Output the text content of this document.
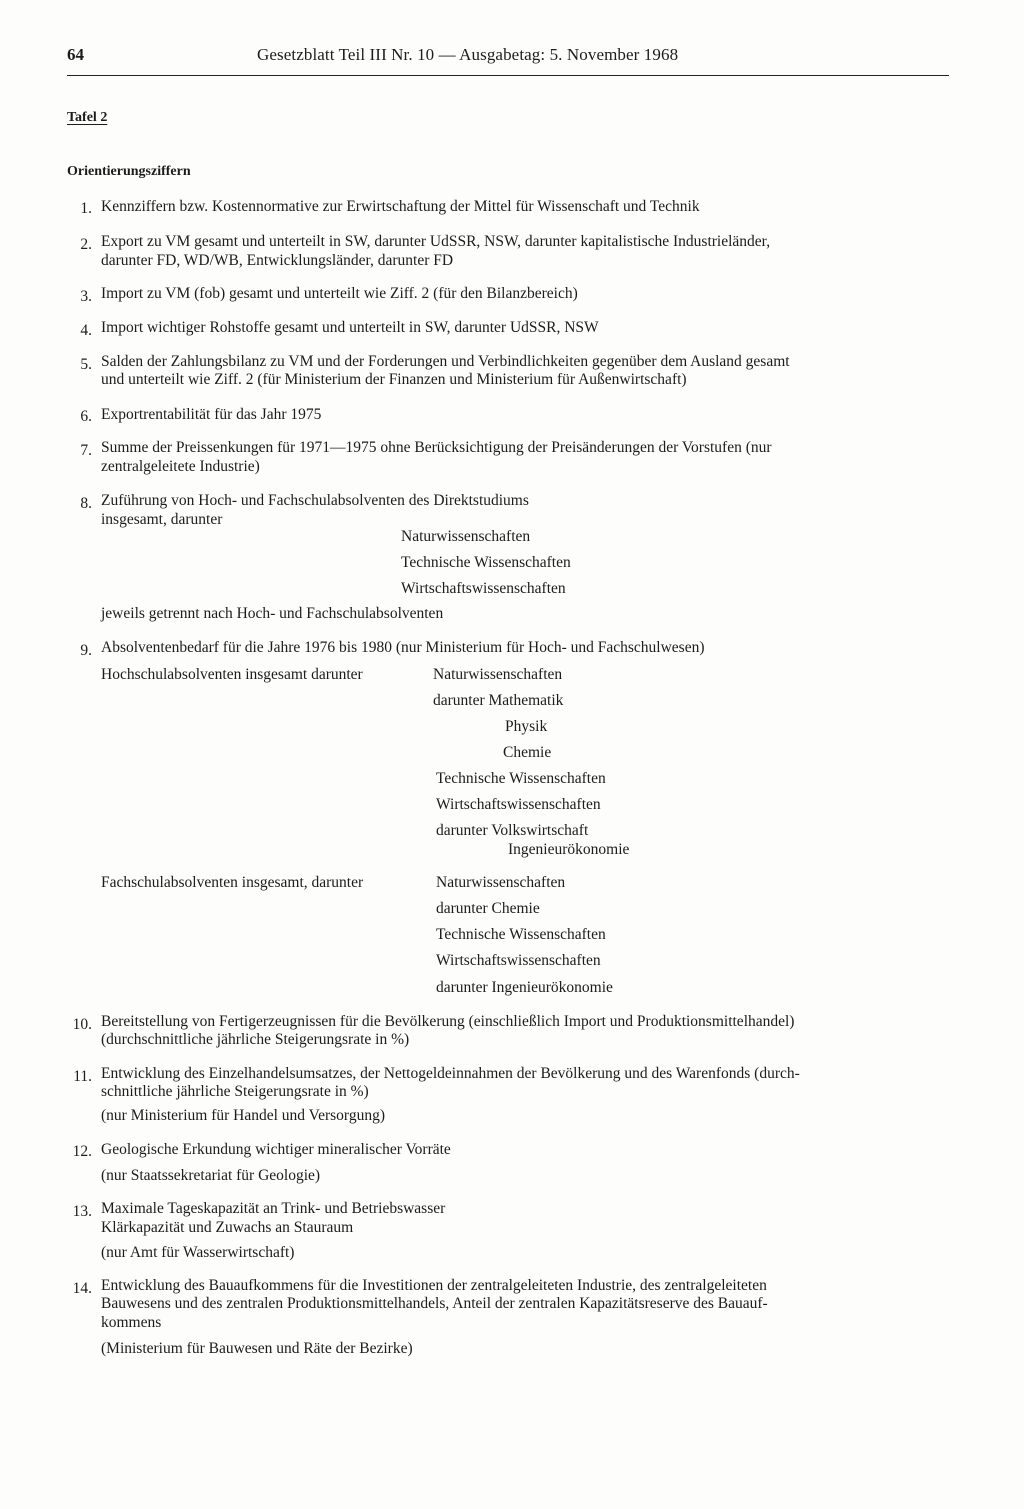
64	Gesetzblatt Teil III Nr. 10 — Ausgabetag: 5. November 1968
Tafel 2
Orientierungsziffern
1. Kennziffern bzw. Kostennormative zur Erwirtschaftung der Mittel für Wissenschaft und Technik
2. Export zu VM gesamt und unterteilt in SW, darunter UdSSR, NSW, darunter kapitalistische Industrieländer,
darunter FD, WD/WB, Entwicklungsländer, darunter FD
3. Import zu VM (fob) gesamt und unterteilt wie Ziff. 2 (für den Bilanzbereich)
4. Import wichtiger Rohstoffe gesamt und unterteilt in SW, darunter UdSSR, NSW
5. Salden der Zahlungsbilanz zu VM und der Forderungen und Verbindlichkeiten gegenüber dem Ausland gesamt
und unterteilt wie Ziff. 2 (für Ministerium der Finanzen und Ministerium für Außenwirtschaft)
6. Exportrentabilität für das Jahr 1975
7. Summe der Preissenkungen für 1971—1975 ohne Berücksichtigung der Preisänderungen der Vorstufen (nur
zentralgeleitete Industrie)
8. Zuführung von Hoch- und Fachschulabsolventen des Direktstudiums
insgesamt, darunter
Naturwissenschaften
Technische Wissenschaften
Wirtschaftswissenschaften
jeweils getrennt nach Hoch- und Fachschulabsolventen
9. Absolventenbedarf für die Jahre 1976 bis 1980 (nur Ministerium für Hoch- und Fachschulwesen)
Hochschulabsolventen insgesamt darunter	Naturwissenschaften
darunter Mathematik
Physik
Chemie
Technische Wissenschaften
Wirtschaftswissenschaften
darunter Volkswirtschaft
Ingenieurökonomie
Fachschulabsolventen insgesamt, darunter	Naturwissenschaften
darunter Chemie
Technische Wissenschaften
Wirtschaftswissenschaften
darunter Ingenieurökonomie
10. Bereitstellung von Fertigerzeugnissen für die Bevölkerung (einschließlich Import und Produktionsmittelhandel)
(durchschnittliche jährliche Steigerungsrate in %)
11. Entwicklung des Einzelhandelsumsatzes, der Nettogeldeinnahmen der Bevölkerung und des Warenfonds (durch-
schnittliche jährliche Steigerungsrate in %)
(nur Ministerium für Handel und Versorgung)
12. Geologische Erkundung wichtiger mineralischer Vorräte
(nur Staatssekretariat für Geologie)
13. Maximale Tageskapazität an Trink- und Betriebswasser
Klärkapazität und Zuwachs an Stauraum
(nur Amt für Wasserwirtschaft)
14. Entwicklung des Bauaufkommens für die Investitionen der zentralgeleiteten Industrie, des zentralgeleiteten
Bauwesens und des zentralen Produktionsmittelhandels, Anteil der zentralen Kapazitätsreserve des Bauauf-
kommens
(Ministerium für Bauwesen und Räte der Bezirke)
